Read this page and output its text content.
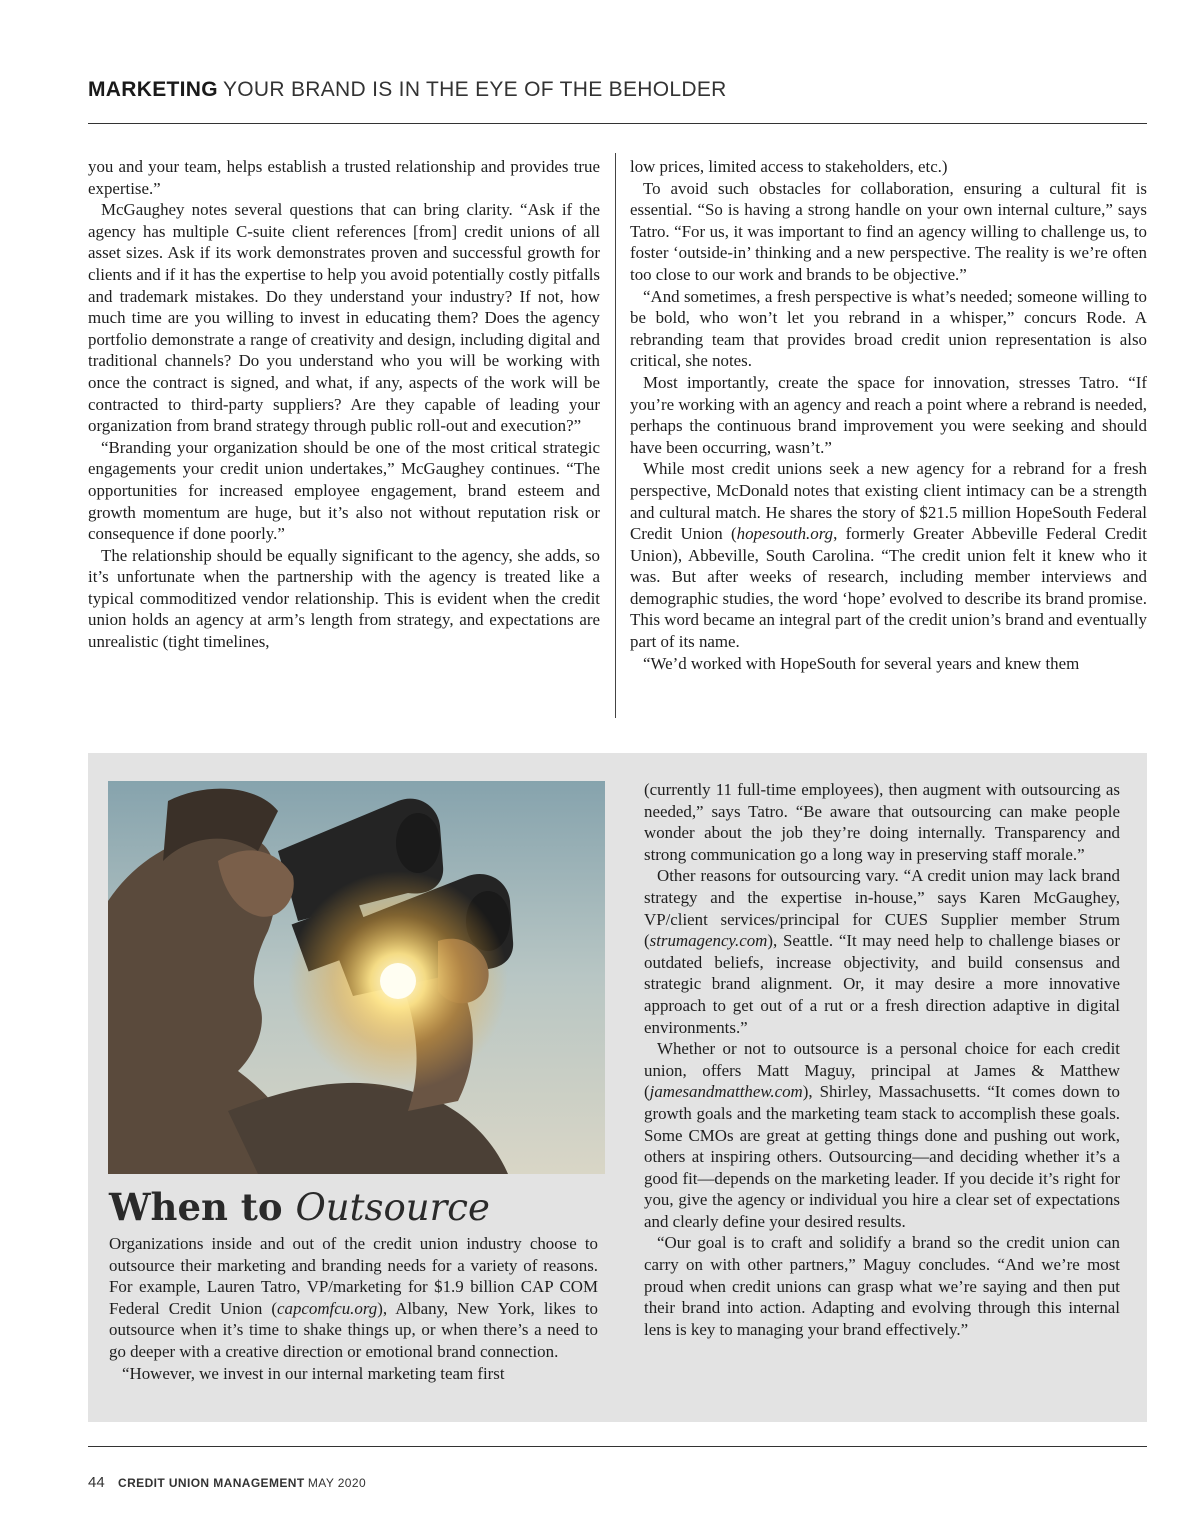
MARKETING YOUR BRAND IS IN THE EYE OF THE BEHOLDER

you and your team, helps establish a trusted relationship and provides true expertise.”

McGaughey notes several questions that can bring clarity. “Ask if the agency has multiple C-suite client references [from] credit unions of all asset sizes. Ask if its work demonstrates proven and successful growth for clients and if it has the expertise to help you avoid potentially costly pitfalls and trademark mistakes. Do they understand your industry? If not, how much time are you willing to invest in educating them? Does the agency portfolio demonstrate a range of creativity and design, including digital and traditional channels? Do you understand who you will be working with once the contract is signed, and what, if any, aspects of the work will be contracted to third-party suppliers? Are they capable of leading your organization from brand strategy through public roll-out and execution?”

“Branding your organization should be one of the most critical strategic engagements your credit union undertakes,” McGaughey continues. “The opportunities for increased employee engagement, brand esteem and growth momentum are huge, but it’s also not without reputation risk or consequence if done poorly.”

The relationship should be equally significant to the agency, she adds, so it’s unfortunate when the partnership with the agency is treated like a typical commoditized vendor relationship. This is evident when the credit union holds an agency at arm’s length from strategy, and expectations are unrealistic (tight timelines,

low prices, limited access to stakeholders, etc.)

To avoid such obstacles for collaboration, ensuring a cultural fit is essential. “So is having a strong handle on your own internal culture,” says Tatro. “For us, it was important to find an agency willing to challenge us, to foster ‘outside-in’ thinking and a new perspective. The reality is we’re often too close to our work and brands to be objective.”

“And sometimes, a fresh perspective is what’s needed; someone willing to be bold, who won’t let you rebrand in a whisper,” concurs Rode. A rebranding team that provides broad credit union representation is also critical, she notes.

Most importantly, create the space for innovation, stresses Tatro. “If you’re working with an agency and reach a point where a rebrand is needed, perhaps the continuous brand improvement you were seeking and should have been occurring, wasn’t.”

While most credit unions seek a new agency for a rebrand for a fresh perspective, McDonald notes that existing client intimacy can be a strength and cultural match. He shares the story of $21.5 million HopeSouth Federal Credit Union (hopesouth.org, formerly Greater Abbeville Federal Credit Union), Abbeville, South Carolina. “The credit union felt it knew who it was. But after weeks of research, including member interviews and demographic studies, the word ‘hope’ evolved to describe its brand promise. This word became an integral part of the credit union’s brand and eventually part of its name.

“We’d worked with HopeSouth for several years and knew them

When to Outsource

Organizations inside and out of the credit union industry choose to outsource their marketing and branding needs for a variety of reasons. For example, Lauren Tatro, VP/marketing for $1.9 billion CAP COM Federal Credit Union (capcomfcu.org), Albany, New York, likes to outsource when it’s time to shake things up, or when there’s a need to go deeper with a creative direction or emotional brand connection.

“However, we invest in our internal marketing team first

(currently 11 full-time employees), then augment with outsourcing as needed,” says Tatro. “Be aware that outsourcing can make people wonder about the job they’re doing internally. Transparency and strong communication go a long way in preserving staff morale.”

Other reasons for outsourcing vary. “A credit union may lack brand strategy and the expertise in-house,” says Karen McGaughey, VP/client services/principal for CUES Supplier member Strum (strumagency.com), Seattle. “It may need help to challenge biases or outdated beliefs, increase objectivity, and build consensus and strategic brand alignment. Or, it may desire a more innovative approach to get out of a rut or a fresh direction adaptive in digital environments.”

Whether or not to outsource is a personal choice for each credit union, offers Matt Maguy, principal at James & Matthew (jamesandmatthew.com), Shirley, Massachusetts. “It comes down to growth goals and the marketing team stack to accomplish these goals. Some CMOs are great at getting things done and pushing out work, others at inspiring others. Outsourcing—and deciding whether it’s a good fit—depends on the marketing leader. If you decide it’s right for you, give the agency or individual you hire a clear set of expectations and clearly define your desired results.

“Our goal is to craft and solidify a brand so the credit union can carry on with other partners,” Maguy concludes. “And we’re most proud when credit unions can grasp what we’re saying and then put their brand into action. Adapting and evolving through this internal lens is key to managing your brand effectively.”

44 CREDIT UNION MANAGEMENT MAY 2020
